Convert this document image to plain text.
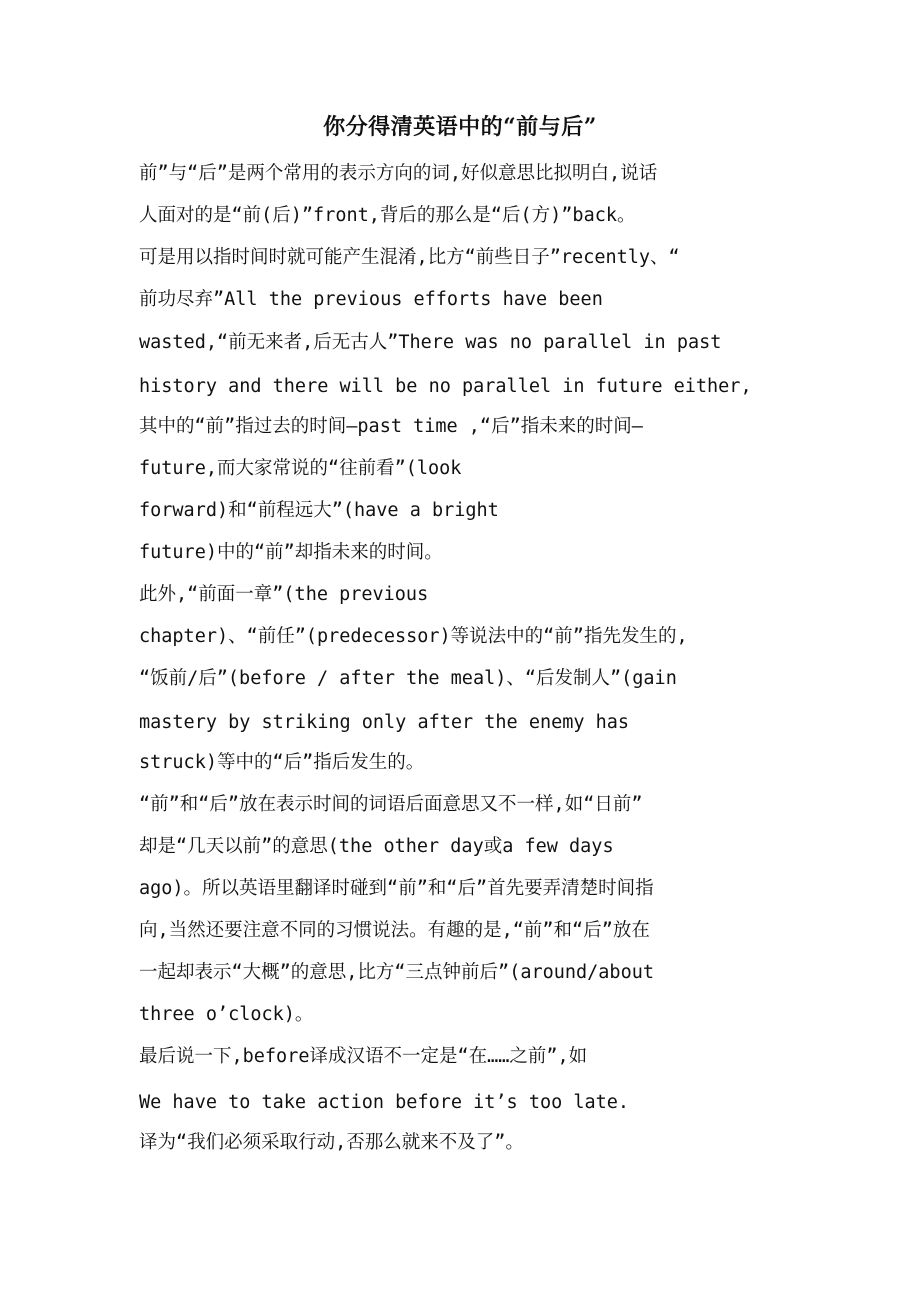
你分得清英语中的“前与后”
前”与“后”是两个常用的表示方向的词,好似意思比拟明白,说话
人面对的是“前(后)”front,背后的那么是“后(方)”back。
可是用以指时间时就可能产生混淆,比方“前些日子”recently、“
前功尽弃”All the previous efforts have been
wasted,“前无来者,后无古人”There was no parallel in past
history and there will be no parallel in future either,
其中的“前”指过去的时间—past time ,“后”指未来的时间—
future,而大家常说的“往前看”(look
forward)和“前程远大”(have a bright
future)中的“前”却指未来的时间。
此外,“前面一章”(the previous
chapter)、“前任”(predecessor)等说法中的“前”指先发生的,
“饭前/后”(before / after the meal)、“后发制人”(gain
mastery by striking only after the enemy has
struck)等中的“后”指后发生的。
“前”和“后”放在表示时间的词语后面意思又不一样,如“日前”
却是“几天以前”的意思(the other day或a few days
ago)。所以英语里翻译时碰到“前”和“后”首先要弄清楚时间指
向,当然还要注意不同的习惯说法。有趣的是,“前”和“后”放在
一起却表示“大概”的意思,比方“三点钟前后”(around/about
three o’clock)。
最后说一下,before译成汉语不一定是“在……之前”,如
We have to take action before it’s too late.
译为“我们必须采取行动,否那么就来不及了”。
